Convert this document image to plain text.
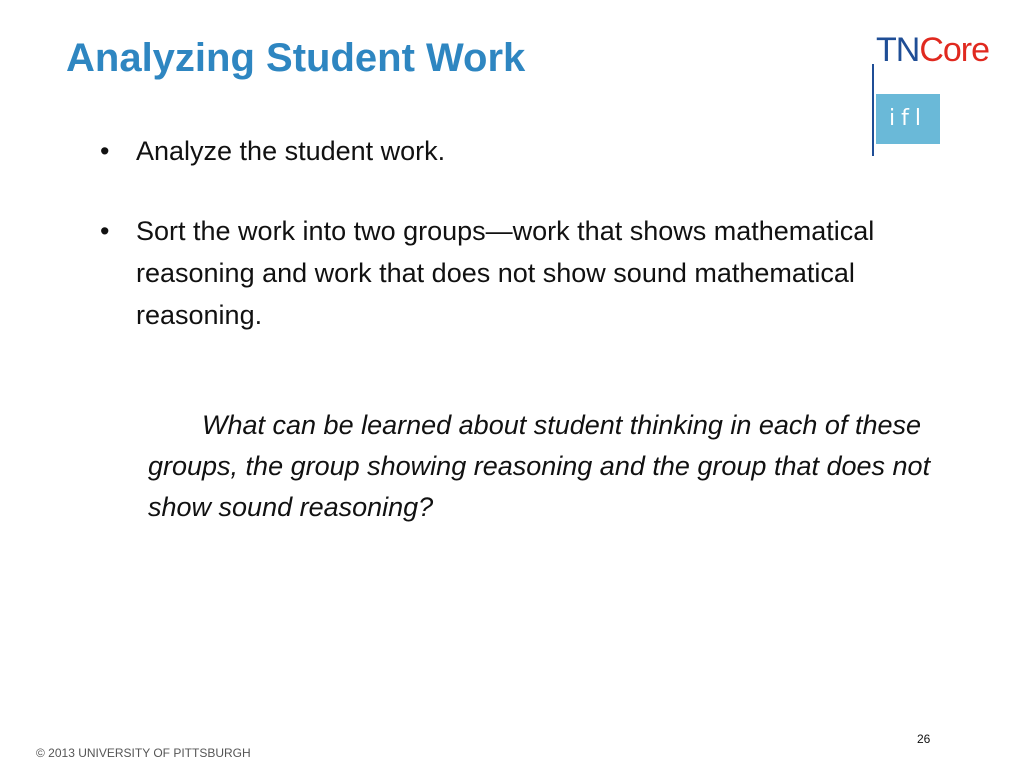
Analyzing Student Work	TNCore
ifl
• Analyze the student work.
• Sort the work into two groups—work that shows mathematical reasoning and work that does not show sound mathematical reasoning.

What can be learned about student thinking in each of these groups, the group showing reasoning and the group that does not show sound reasoning?

© 2013 UNIVERSITY OF PITTSBURGH
26
